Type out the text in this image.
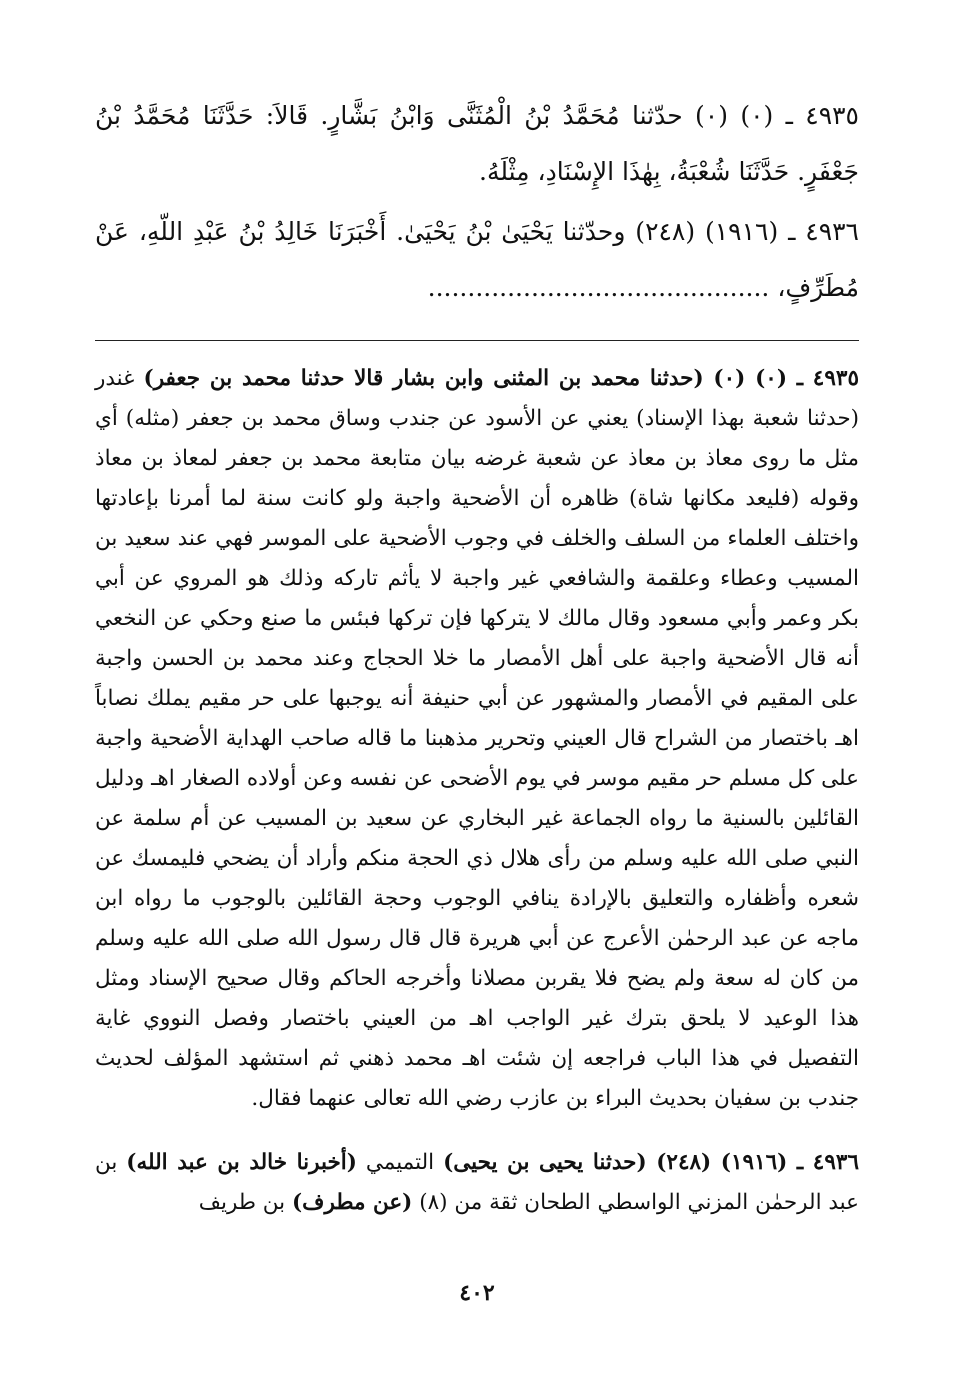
٤٩٣٥ ـ (٠) (٠) حدّثنا مُحَمَّدُ بْنُ الْمُثَنَّى وَابْنُ بَشَّارٍ. قَالاَ: حَدَّثَنَا مُحَمَّدُ بْنُ جَعْفَرٍ. حَدَّثَنَا شُعْبَةُ، بِهٰذَا الإِسْنَادِ، مِثْلَهُ.

٤٩٣٦ ـ (١٩١٦) (٢٤٨) وحدّثنا يَحْيَىٰ بْنُ يَحْيَىٰ. أَخْبَرَنَا خَالِدُ بْنُ عَبْدِ اللّهِ، عَنْ مُطَرِّفٍ، ...........................................

٤٩٣٥ ـ (٠) (٠) (حدثنا محمد بن المثنى وابن بشار قالا حدثنا محمد بن جعفر) غندر (حدثنا شعبة بهذا الإسناد) يعني عن الأسود عن جندب وساق محمد بن جعفر (مثله) أي مثل ما روى معاذ بن معاذ عن شعبة غرضه بيان متابعة محمد بن جعفر لمعاذ بن معاذ وقوله (فليعد مكانها شاة) ظاهره أن الأضحية واجبة ولو كانت سنة لما أمرنا بإعادتها واختلف العلماء من السلف والخلف في وجوب الأضحية على الموسر فهي عند سعيد بن المسيب وعطاء وعلقمة والشافعي غير واجبة لا يأثم تاركه وذلك هو المروي عن أبي بكر وعمر وأبي مسعود وقال مالك لا يتركها فإن تركها فبئس ما صنع وحكي عن النخعي أنه قال الأضحية واجبة على أهل الأمصار ما خلا الحجاج وعند محمد بن الحسن واجبة على المقيم في الأمصار والمشهور عن أبي حنيفة أنه يوجبها على حر مقيم يملك نصاباً اهـ باختصار من الشراح قال العيني وتحرير مذهبنا ما قاله صاحب الهداية الأضحية واجبة على كل مسلم حر مقيم موسر في يوم الأضحى عن نفسه وعن أولاده الصغار اهـ ودليل القائلين بالسنية ما رواه الجماعة غير البخاري عن سعيد بن المسيب عن أم سلمة عن النبي صلى الله عليه وسلم من رأى هلال ذي الحجة منكم وأراد أن يضحي فليمسك عن شعره وأظفاره والتعليق بالإرادة ينافي الوجوب وحجة القائلين بالوجوب ما رواه ابن ماجه عن عبد الرحمٰن الأعرج عن أبي هريرة قال قال رسول الله صلى الله عليه وسلم من كان له سعة ولم يضح فلا يقربن مصلانا وأخرجه الحاكم وقال صحيح الإسناد ومثل هذا الوعيد لا يلحق بترك غير الواجب اهـ من العيني باختصار وفصل النووي غاية التفصيل في هذا الباب فراجعه إن شئت اهـ محمد ذهني ثم استشهد المؤلف لحديث جندب بن سفيان بحديث البراء بن عازب رضي الله تعالى عنهما فقال.

٤٩٣٦ ـ (١٩١٦) (٢٤٨) (حدثنا يحيى بن يحيى) التميمي (أخبرنا خالد بن عبد الله) بن عبد الرحمٰن المزني الواسطي الطحان ثقة من (٨) (عن مطرف) بن طريف

٤٠٢
